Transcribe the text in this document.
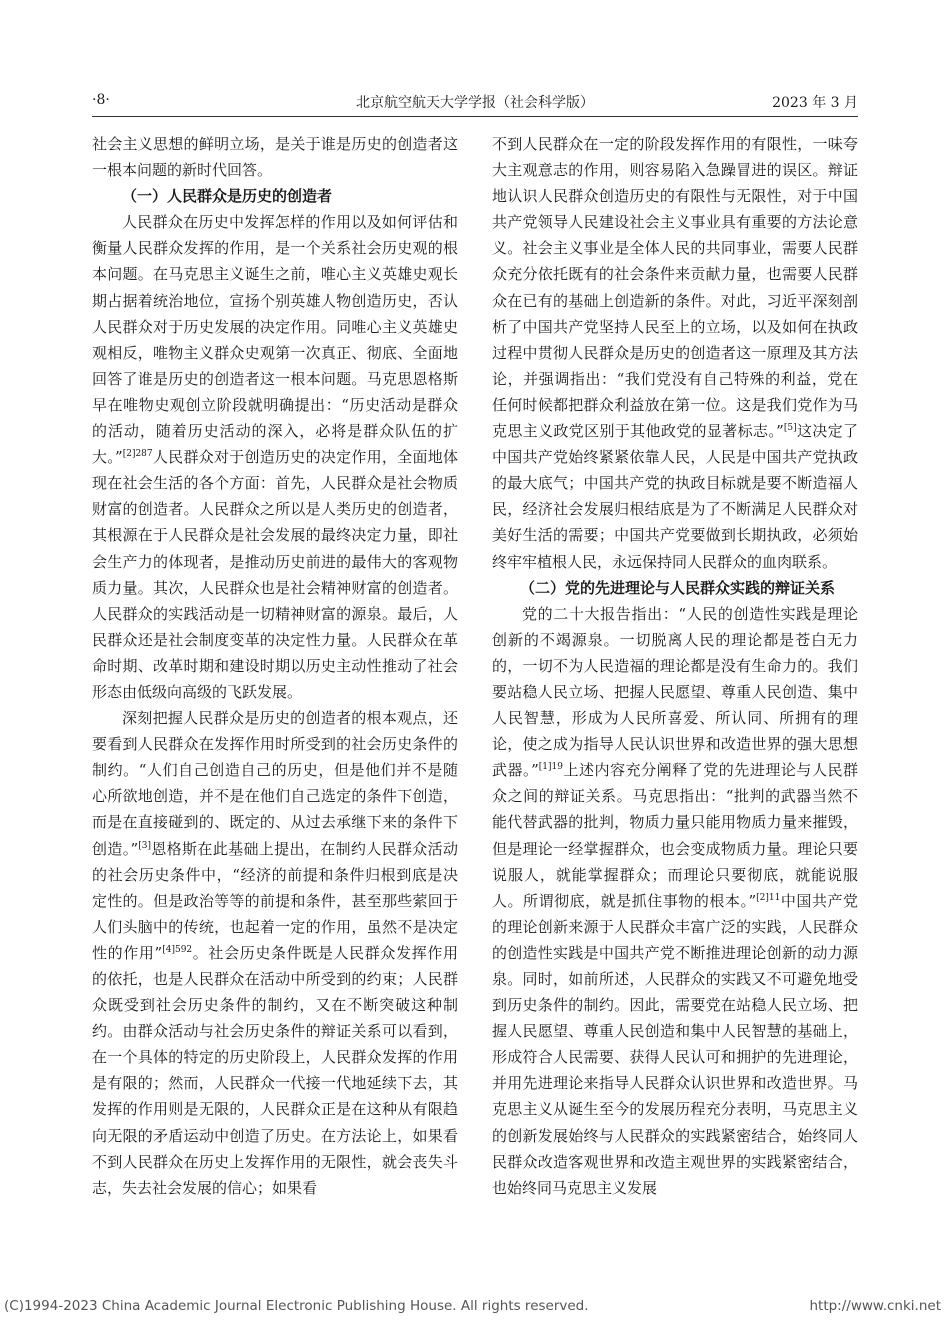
·8·	北京航空航天大学学报（社会科学版）	2023 年 3 月

社会主义思想的鲜明立场，是关于谁是历史的创造者这一根本问题的新时代回答。

（一）人民群众是历史的创造者

人民群众在历史中发挥怎样的作用以及如何评估和衡量人民群众发挥的作用，是一个关系社会历史观的根本问题。在马克思主义诞生之前，唯心主义英雄史观长期占据着统治地位，宣扬个别英雄人物创造历史，否认人民群众对于历史发展的决定作用。同唯心主义英雄史观相反，唯物主义群众史观第一次真正、彻底、全面地回答了谁是历史的创造者这一根本问题。马克思恩格斯早在唯物史观创立阶段就明确提出：“历史活动是群众的活动，随着历史活动的深入，必将是群众队伍的扩大。”$^{[2]287}$人民群众对于创造历史的决定作用，全面地体现在社会生活的各个方面：首先，人民群众是社会物质财富的创造者。人民群众之所以是人类历史的创造者，其根源在于人民群众是社会发展的最终决定力量，即社会生产力的体现者，是推动历史前进的最伟大的客观物质力量。其次，人民群众也是社会精神财富的创造者。人民群众的实践活动是一切精神财富的源泉。最后，人民群众还是社会制度变革的决定性力量。人民群众在革命时期、改革时期和建设时期以历史主动性推动了社会形态由低级向高级的飞跃发展。

深刻把握人民群众是历史的创造者的根本观点，还要看到人民群众在发挥作用时所受到的社会历史条件的制约。“人们自己创造自己的历史，但是他们并不是随心所欲地创造，并不是在他们自己选定的条件下创造，而是在直接碰到的、既定的、从过去承继下来的条件下创造。”[3]恩格斯在此基础上提出，在制约人民群众活动的社会历史条件中，“经济的前提和条件归根到底是决定性的。但是政治等等的前提和条件，甚至那些萦回于人们头脑中的传统，也起着一定的作用，虽然不是决定性的作用”$^{[4]592}$。社会历史条件既是人民群众发挥作用的依托，也是人民群众在活动中所受到的约束；人民群众既受到社会历史条件的制约，又在不断突破这种制约。由群众活动与社会历史条件的辩证关系可以看到，在一个具体的特定的历史阶段上，人民群众发挥的作用是有限的；然而，人民群众一代接一代地延续下去，其发挥的作用则是无限的，人民群众正是在这种从有限趋向无限的矛盾运动中创造了历史。在方法论上，如果看不到人民群众在历史上发挥作用的无限性，就会丧失斗志，失去社会发展的信心；如果看

不到人民群众在一定的阶段发挥作用的有限性，一味夸大主观意志的作用，则容易陷入急躁冒进的误区。辩证地认识人民群众创造历史的有限性与无限性，对于中国共产党领导人民建设社会主义事业具有重要的方法论意义。社会主义事业是全体人民的共同事业，需要人民群众充分依托既有的社会条件来贡献力量，也需要人民群众在已有的基础上创造新的条件。对此，习近平深刻剖析了中国共产党坚持人民至上的立场，以及如何在执政过程中贯彻人民群众是历史的创造者这一原理及其方法论，并强调指出：“我们党没有自己特殊的利益，党在任何时候都把群众利益放在第一位。这是我们党作为马克思主义政党区别于其他政党的显著标志。”[5]这决定了中国共产党始终紧紧依靠人民，人民是中国共产党执政的最大底气；中国共产党的执政目标就是要不断造福人民，经济社会发展归根结底是为了不断满足人民群众对美好生活的需要；中国共产党要做到长期执政，必须始终牢牢植根人民，永远保持同人民群众的血肉联系。

（二）党的先进理论与人民群众实践的辩证关系

党的二十大报告指出：“人民的创造性实践是理论创新的不竭源泉。一切脱离人民的理论都是苍白无力的，一切不为人民造福的理论都是没有生命力的。我们要站稳人民立场、把握人民愿望、尊重人民创造、集中人民智慧，形成为人民所喜爱、所认同、所拥有的理论，使之成为指导人民认识世界和改造世界的强大思想武器。”$^{[1]19}$上述内容充分阐释了党的先进理论与人民群众之间的辩证关系。马克思指出：“批判的武器当然不能代替武器的批判，物质力量只能用物质力量来摧毁，但是理论一经掌握群众，也会变成物质力量。理论只要说服人，就能掌握群众；而理论只要彻底，就能说服人。所谓彻底，就是抓住事物的根本。”$^{[2]11}$中国共产党的理论创新来源于人民群众丰富广泛的实践，人民群众的创造性实践是中国共产党不断推进理论创新的动力源泉。同时，如前所述，人民群众的实践又不可避免地受到历史条件的制约。因此，需要党在站稳人民立场、把握人民愿望、尊重人民创造和集中人民智慧的基础上，形成符合人民需要、获得人民认可和拥护的先进理论，并用先进理论来指导人民群众认识世界和改造世界。马克思主义从诞生至今的发展历程充分表明，马克思主义的创新发展始终与人民群众的实践紧密结合，始终同人民群众改造客观世界和改造主观世界的实践紧密结合，也始终同马克思主义发展

(C)1994-2023 China Academic Journal Electronic Publishing House. All rights reserved.	http://www.cnki.net
